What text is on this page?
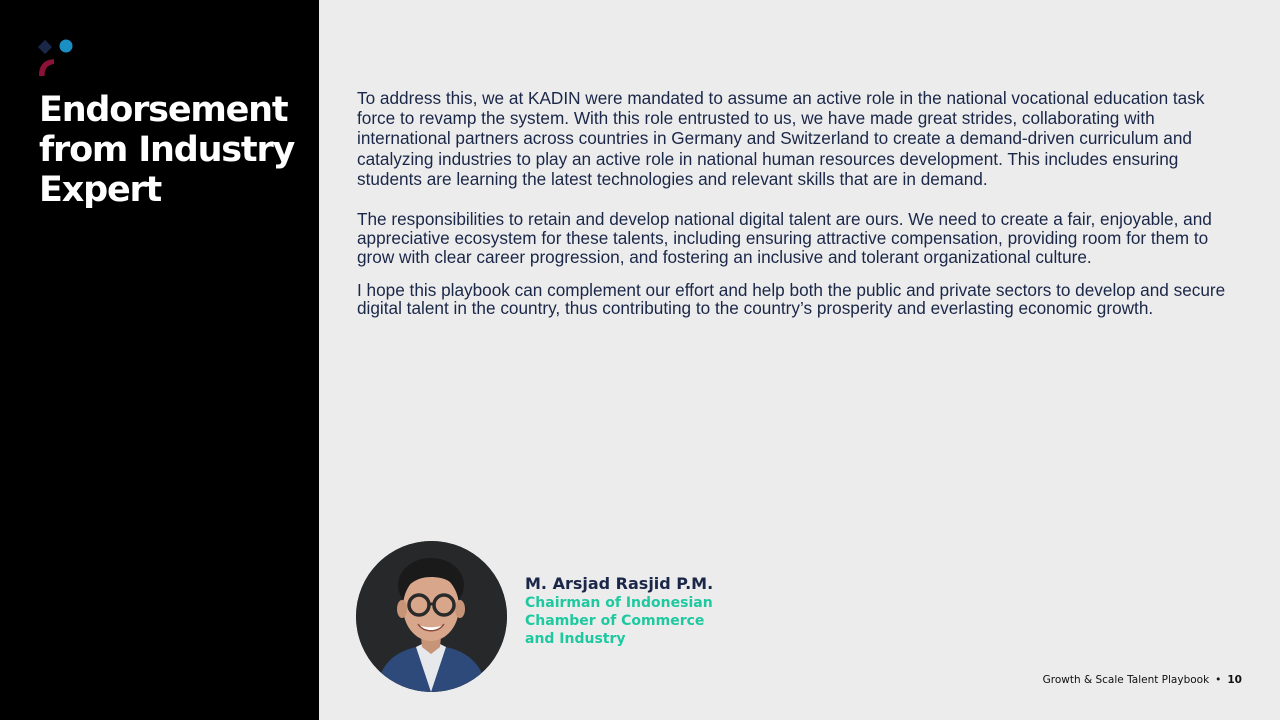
Endorsement
from Industry
Expert

To address this, we at KADIN were mandated to assume an active role in the national vocational education task force to revamp the system. With this role entrusted to us, we have made great strides, collaborating with international partners across countries in Germany and Switzerland to create a demand-driven curriculum and catalyzing industries to play an active role in national human resources development. This includes ensuring students are learning the latest technologies and relevant skills that are in demand.

The responsibilities to retain and develop national digital talent are ours. We need to create a fair, enjoyable, and appreciative ecosystem for these talents, including ensuring attractive compensation, providing room for them to grow with clear career progression, and fostering an inclusive and tolerant organizational culture.

I hope this playbook can complement our effort and help both the public and private sectors to develop and secure digital talent in the country, thus contributing to the country’s prosperity and everlasting economic growth.

M. Arsjad Rasjid P.M.

Chairman of Indonesian
Chamber of Commerce
and Industry

Growth & Scale Talent Playbook • 10
